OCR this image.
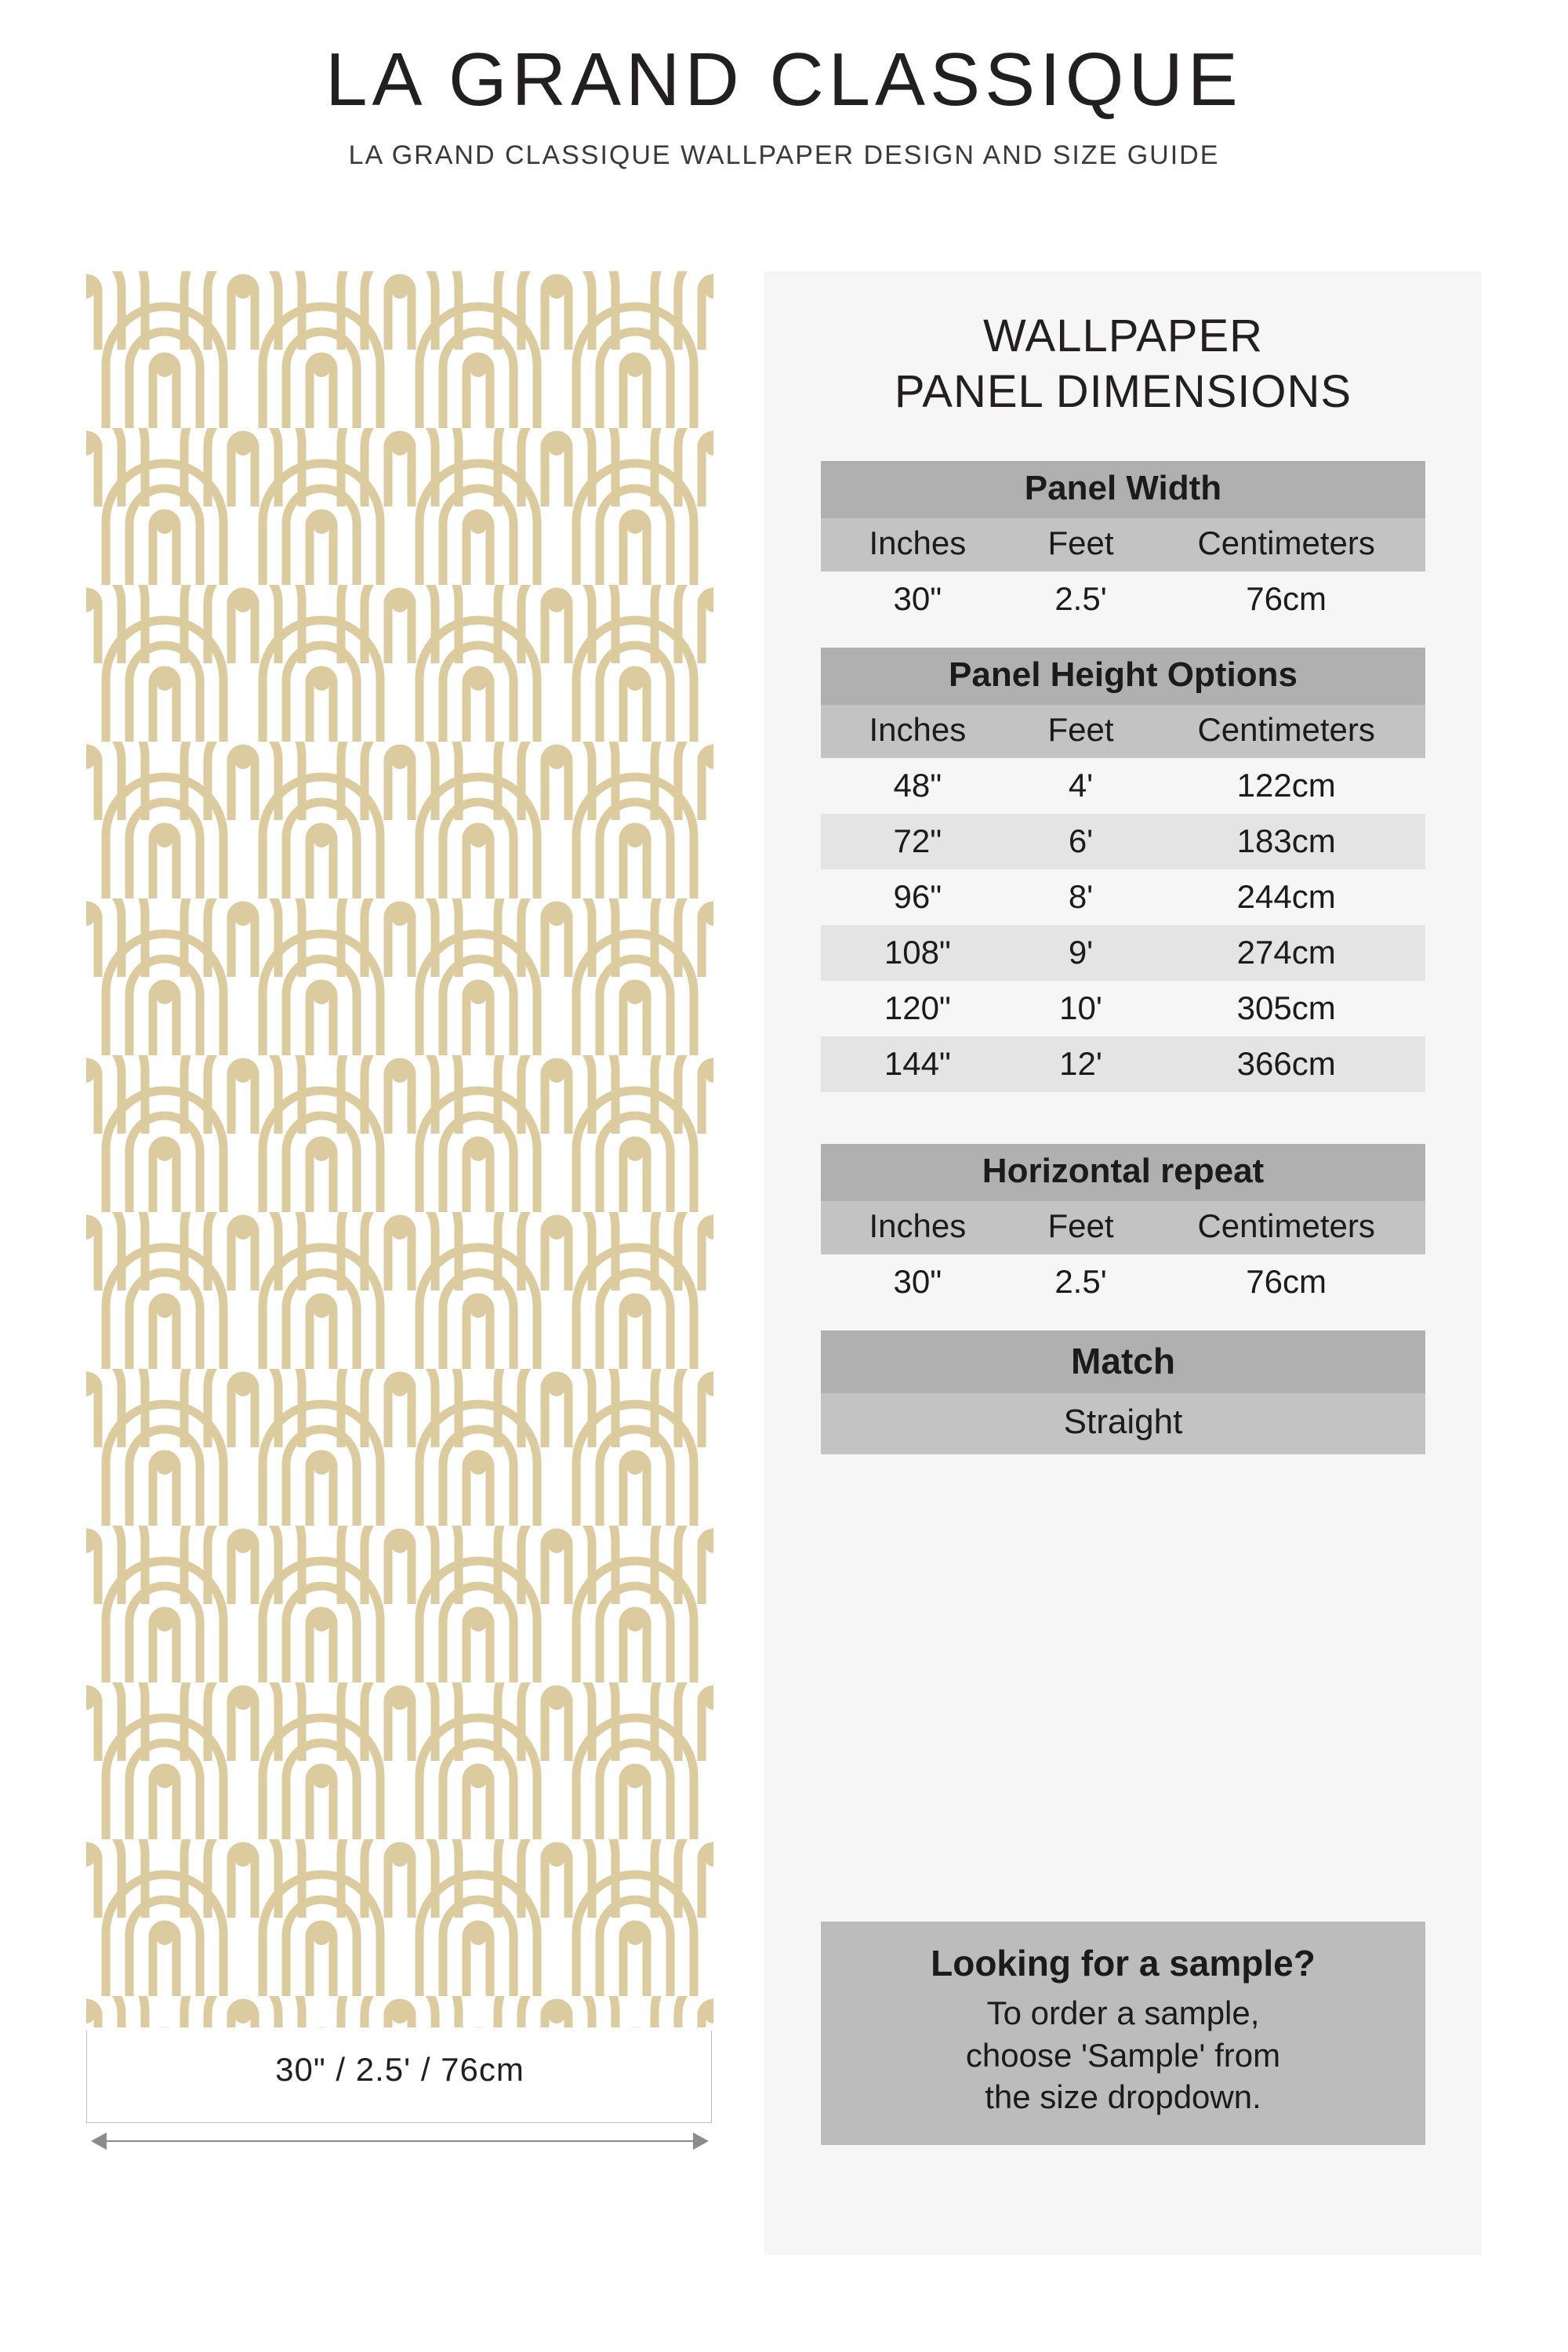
LA GRAND CLASSIQUE

LA GRAND CLASSIQUE WALLPAPER DESIGN AND SIZE GUIDE

30" / 2.5' / 76cm
WALLPAPER
PANEL DIMENSIONS
Panel Width
Inches	Feet	Centimeters
30"	2.5'	76cm
Panel Height Options
Inches	Feet	Centimeters
48"	4'	122cm
72"	6'	183cm
96"	8'	244cm
108"	9'	274cm
120"	10'	305cm
144"	12'	366cm
Horizontal repeat
Inches	Feet	Centimeters
30"	2.5'	76cm
Match
Straight

Looking for a sample?

To order a sample,

choose 'Sample' from

the size dropdown.
